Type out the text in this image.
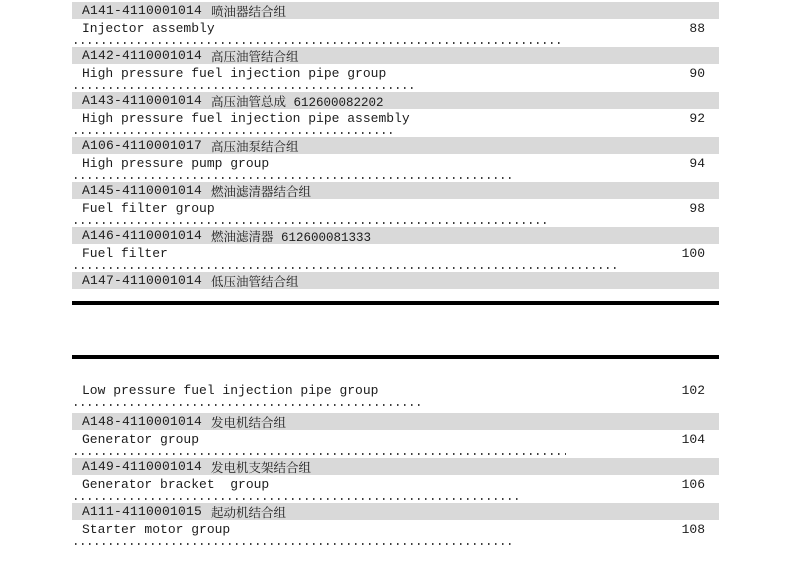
A141-4110001014 喷油器结合组
Injector assembly	88
A142-4110001014 高压油管结合组
High pressure fuel injection pipe group	90
A143-4110001014 高压油管总成 612600082202
High pressure fuel injection pipe assembly	92
A106-4110001017 高压油泵结合组
High pressure pump group	94
A145-4110001014 燃油滤清器结合组
Fuel filter group	98
A146-4110001014 燃油滤清器 612600081333
Fuel filter	100
A147-4110001014 低压油管结合组
Low pressure fuel injection pipe group	102
A148-4110001014 发电机结合组
Generator group	104
A149-4110001014 发电机支架结合组
Generator bracket  group	106
A111-4110001015 起动机结合组
Starter motor group	108
